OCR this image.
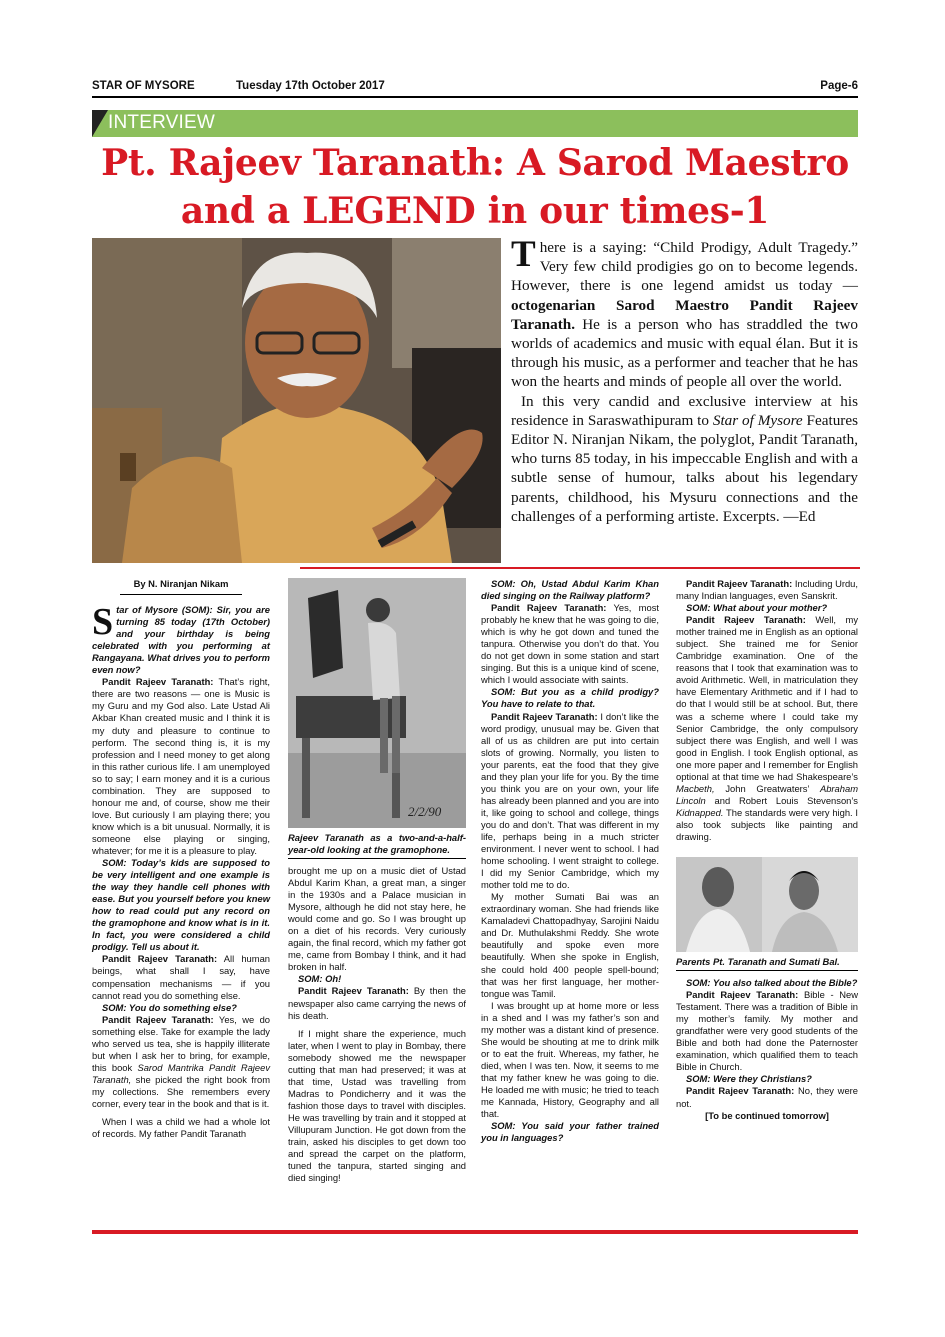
STAR OF MYSORE	Tuesday 17th October 2017	Page-6
INTERVIEW
Pt. Rajeev Taranath: A Sarod Maestro
and a LEGEND in our times-1

There is a saying: “Child Prodigy, Adult Tragedy.” Very few child prodigies go on to become legends. However, there is one legend amidst us today — octogenarian Sarod Maestro Pandit Rajeev Taranath. He is a person who has straddled the two worlds of academics and music with equal élan. But it is through his music, as a performer and teacher that he has won the hearts and minds of people all over the world.

In this very candid and exclusive interview at his residence in Saraswathipuram to Star of Mysore Features Editor N. Niranjan Nikam, the polyglot, Pandit Taranath, who turns 85 today, in his impeccable English and with a subtle sense of humour, talks about his legendary parents, childhood, his Mysuru connections and the challenges of a performing artiste. Excerpts. —Ed

By N. Niranjan Nikam

Star of Mysore (SOM): Sir, you are turning 85 today (17th October) and your birthday is being celebrated with you performing at Rangayana. What drives you to perform even now?

Pandit Rajeev Taranath: That’s right, there are two reasons — one is Music is my Guru and my God also. Late Ustad Ali Akbar Khan created music and I think it is my duty and pleasure to continue to perform. The second thing is, it is my profession and I need money to get along in this rather curious life. I am unemployed so to say; I earn money and it is a curious combination. They are supposed to honour me and, of course, show me their love. But curiously I am playing there; you know which is a bit unusual. Normally, it is someone else playing or singing, whatever; for me it is a pleasure to play.

SOM: Today’s kids are supposed to be very intelligent and one example is the way they handle cell phones with ease. But you yourself before you knew how to read could put any record on the gramophone and know what is in it. In fact, you were considered a child prodigy. Tell us about it.

Pandit Rajeev Taranath: All human beings, what shall I say, have compensation mechanisms — if you cannot read you do something else.

SOM: You do something else?

Pandit Rajeev Taranath: Yes, we do something else. Take for example the lady who served us tea, she is happily illiterate but when I ask her to bring, for example, this book Sarod Mantrika Pandit Rajeev Taranath, she picked the right book from my collections. She remembers every corner, every tear in the book and that is it.

When I was a child we had a whole lot of records. My father Pandit Taranath

2/2/90
Rajeev Taranath as a two-and-a-half-year-old looking at the gramophone.

brought me up on a music diet of Ustad Abdul Karim Khan, a great man, a singer in the 1930s and a Palace musician in Mysore, although he did not stay here, he would come and go. So I was brought up on a diet of his records. Very curiously again, the final record, which my father got me, came from Bombay I think, and it had broken in half.

SOM: Oh!

Pandit Rajeev Taranath: By then the newspaper also came carrying the news of his death.

If I might share the experience, much later, when I went to play in Bombay, there somebody showed me the newspaper cutting that man had preserved; it was at that time, Ustad was travelling from Madras to Pondicherry and it was the fashion those days to travel with disciples. He was travelling by train and it stopped at Villupuram Junction. He got down from the train, asked his disciples to get down too and spread the carpet on the platform, tuned the tanpura, started singing and died singing!

SOM: Oh, Ustad Abdul Karim Khan died singing on the Railway platform?

Pandit Rajeev Taranath: Yes, most probably he knew that he was going to die, which is why he got down and tuned the tanpura. Otherwise you don’t do that. You do not get down in some station and start singing. But this is a unique kind of scene, which I would associate with saints.

SOM: But you as a child prodigy? You have to relate to that.

Pandit Rajeev Taranath: I don’t like the word prodigy, unusual may be. Given that all of us as children are put into certain slots of growing. Normally, you listen to your parents, eat the food that they give and they plan your life for you. By the time you think you are on your own, your life has already been planned and you are into it, like going to school and college, things you do and don’t. That was different in my life, perhaps being in a much stricter environment. I never went to school. I had home schooling. I went straight to college. I did my Senior Cambridge, which my mother told me to do.

My mother Sumati Bai was an extraordinary woman. She had friends like Kamaladevi Chattopadhyay, Sarojini Naidu and Dr. Muthulakshmi Reddy. She wrote beautifully and spoke even more beautifully. When she spoke in English, she could hold 400 people spell-bound; that was her first language, her mother-tongue was Tamil.

I was brought up at home more or less in a shed and I was my father’s son and my mother was a distant kind of presence. She would be shouting at me to drink milk or to eat the fruit. Whereas, my father, he died, when I was ten. Now, it seems to me that my father knew he was going to die. He loaded me with music; he tried to teach me Kannada, History, Geography and all that.

SOM: You said your father trained you in languages?

Pandit Rajeev Taranath: Including Urdu, many Indian languages, even Sanskrit.

SOM: What about your mother?

Pandit Rajeev Taranath: Well, my mother trained me in English as an optional subject. She trained me for Senior Cambridge examination. One of the reasons that I took that examination was to avoid Arithmetic. Well, in matriculation they have Elementary Arithmetic and if I had to do that I would still be at school. But, there was a scheme where I could take my Senior Cambridge, the only compulsory subject there was English, and well I was good in English. I took English optional, as one more paper and I remember for English optional at that time we had Shakespeare’s Macbeth, John Greatwaters’ Abraham Lincoln and Robert Louis Stevenson’s Kidnapped. The standards were very high. I also took subjects like painting and drawing.

Parents Pt. Taranath and Sumati Bal.

SOM: You also talked about the Bible?

Pandit Rajeev Taranath: Bible - New Testament. There was a tradition of Bible in my mother’s family. My mother and grandfather were very good students of the Bible and both had done the Paternoster examination, which qualified them to teach Bible in Church.

SOM: Were they Christians?

Pandit Rajeev Taranath: No, they were not.

[To be continued tomorrow]
